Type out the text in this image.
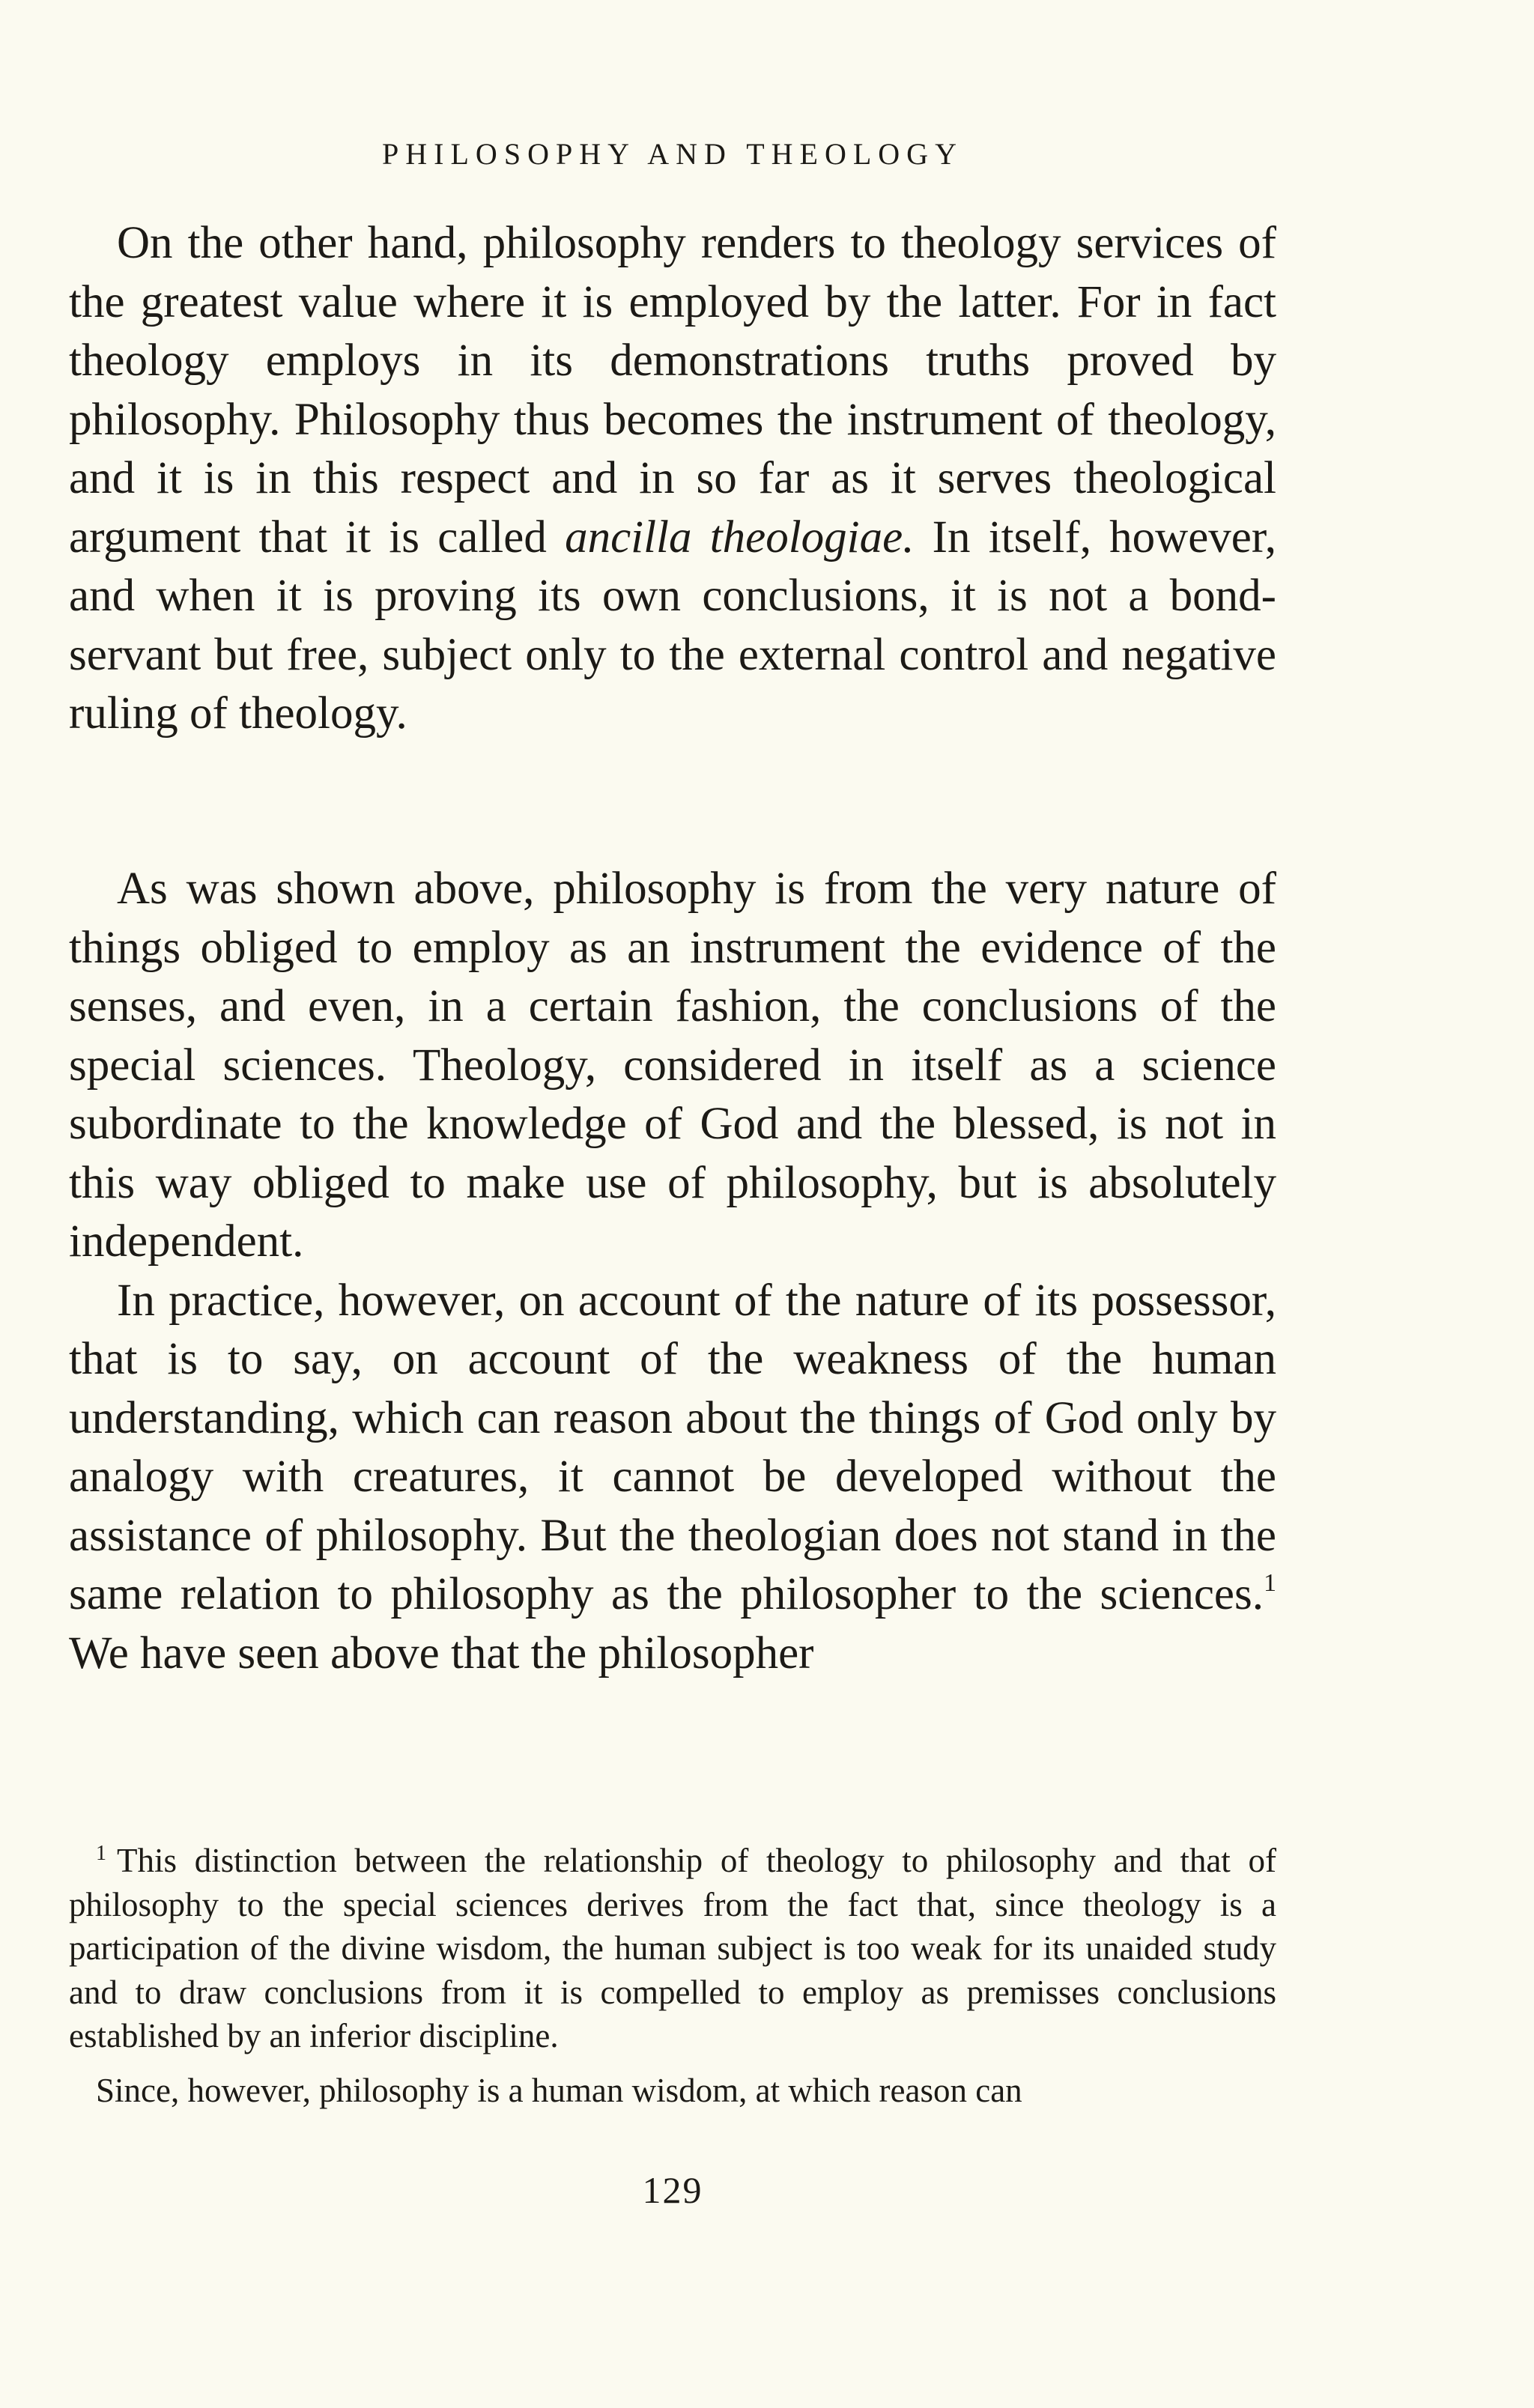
PHILOSOPHY AND THEOLOGY

On the other hand, philosophy renders to theology services of the greatest value where it is employed by the latter. For in fact theology employs in its demonstrations truths proved by philosophy. Philosophy thus becomes the instrument of theology, and it is in this respect and in so far as it serves theological argument that it is called ancilla theologiae. In itself, however, and when it is proving its own conclusions, it is not a bond-servant but free, subject only to the external control and negative ruling of theology.

As was shown above, philosophy is from the very nature of things obliged to employ as an instrument the evidence of the senses, and even, in a certain fashion, the conclusions of the special sciences. Theology, considered in itself as a science subordinate to the knowledge of God and the blessed, is not in this way obliged to make use of philosophy, but is absolutely independent.

In practice, however, on account of the nature of its possessor, that is to say, on account of the weakness of the human understanding, which can reason about the things of God only by analogy with creatures, it cannot be developed without the assistance of philosophy. But the theologian does not stand in the same relation to philosophy as the philosopher to the sciences.$^1$ We have seen above that the philosopher

$^1$ This distinction between the relationship of theology to philosophy and that of philosophy to the special sciences derives from the fact that, since theology is a participation of the divine wisdom, the human subject is too weak for its unaided study and to draw conclusions from it is compelled to employ as premisses conclusions established by an inferior discipline.

Since, however, philosophy is a human wisdom, at which reason can

129
